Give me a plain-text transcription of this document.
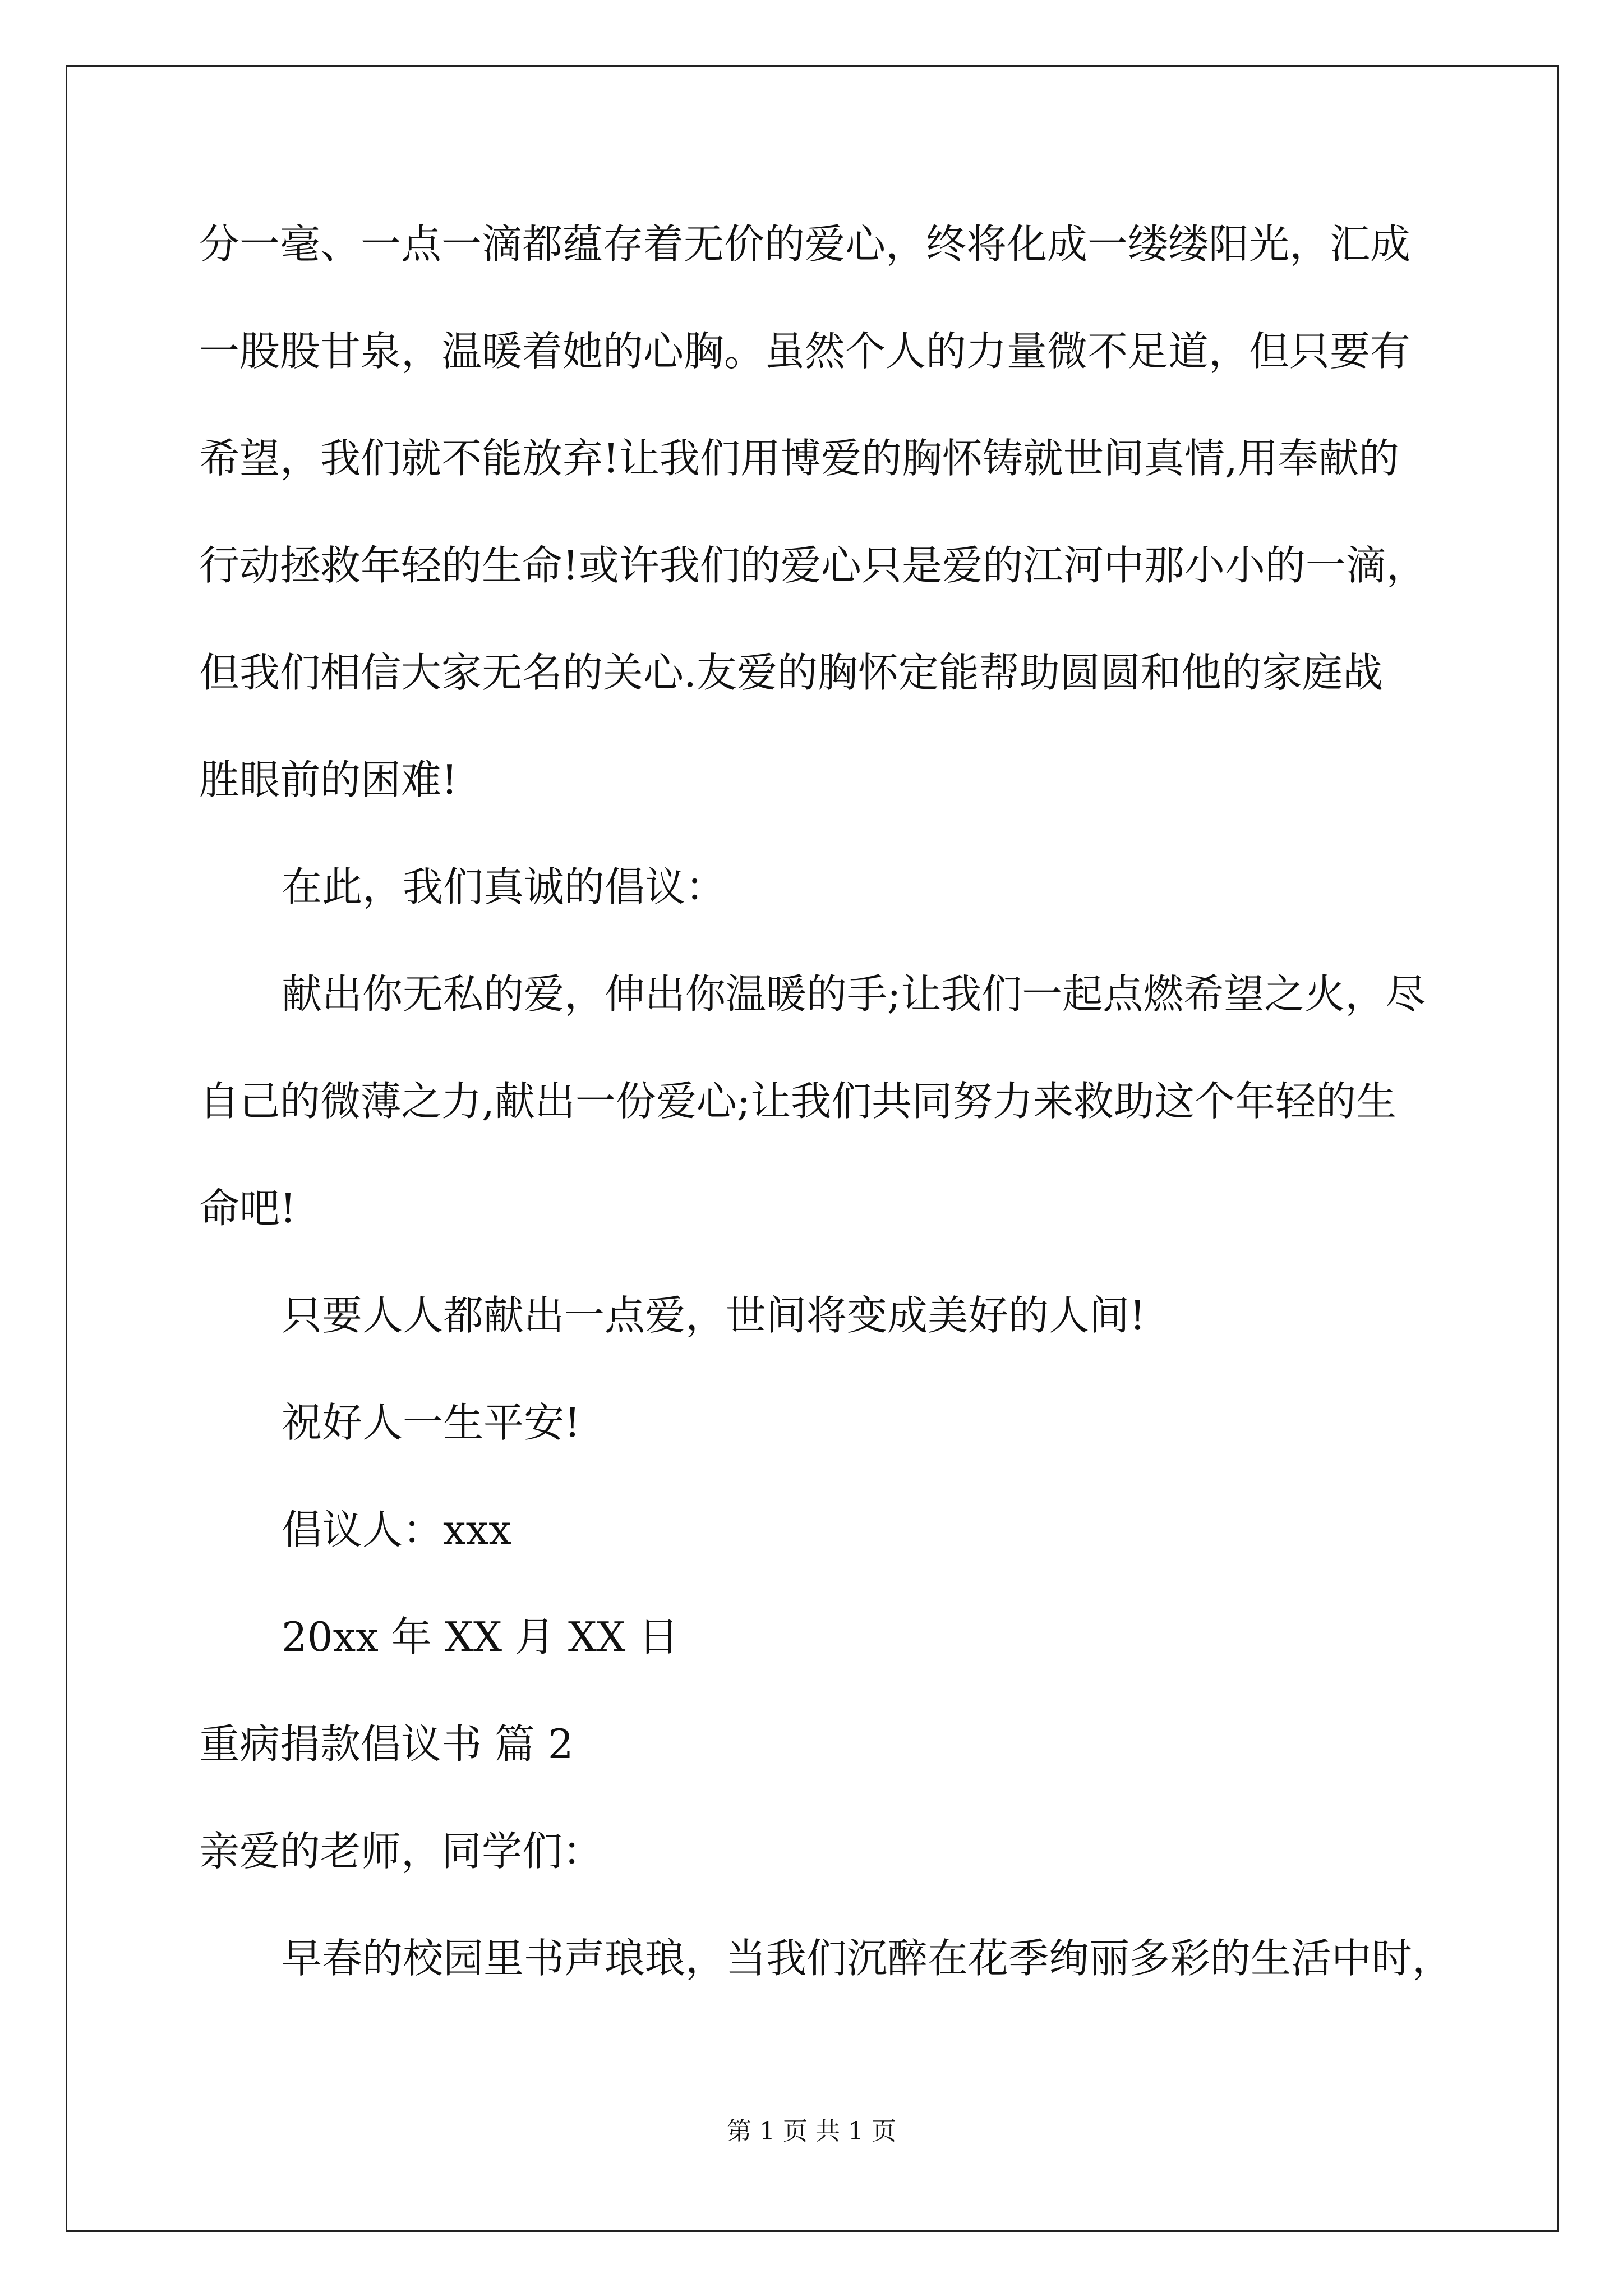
分一毫、一点一滴都蕴存着无价的爱心，终将化成一缕缕阳光，汇成
一股股甘泉，温暖着她的心胸。虽然个人的力量微不足道，但只要有
希望，我们就不能放弃!让我们用博爱的胸怀铸就世间真情,用奉献的
行动拯救年轻的生命!或许我们的爱心只是爱的江河中那小小的一滴，
但我们相信大家无名的关心.友爱的胸怀定能帮助圆圆和他的家庭战
胜眼前的困难!
在此，我们真诚的倡议：
献出你无私的爱，伸出你温暖的手;让我们一起点燃希望之火，尽
自己的微薄之力,献出一份爱心;让我们共同努力来救助这个年轻的生
命吧!
只要人人都献出一点爱，世间将变成美好的人间!
祝好人一生平安!
倡议人：xxx
20xx 年 XX 月 XX 日
重病捐款倡议书 篇 2
亲爱的老师，同学们：
早春的校园里书声琅琅，当我们沉醉在花季绚丽多彩的生活中时，
第 1 页 共 1 页
